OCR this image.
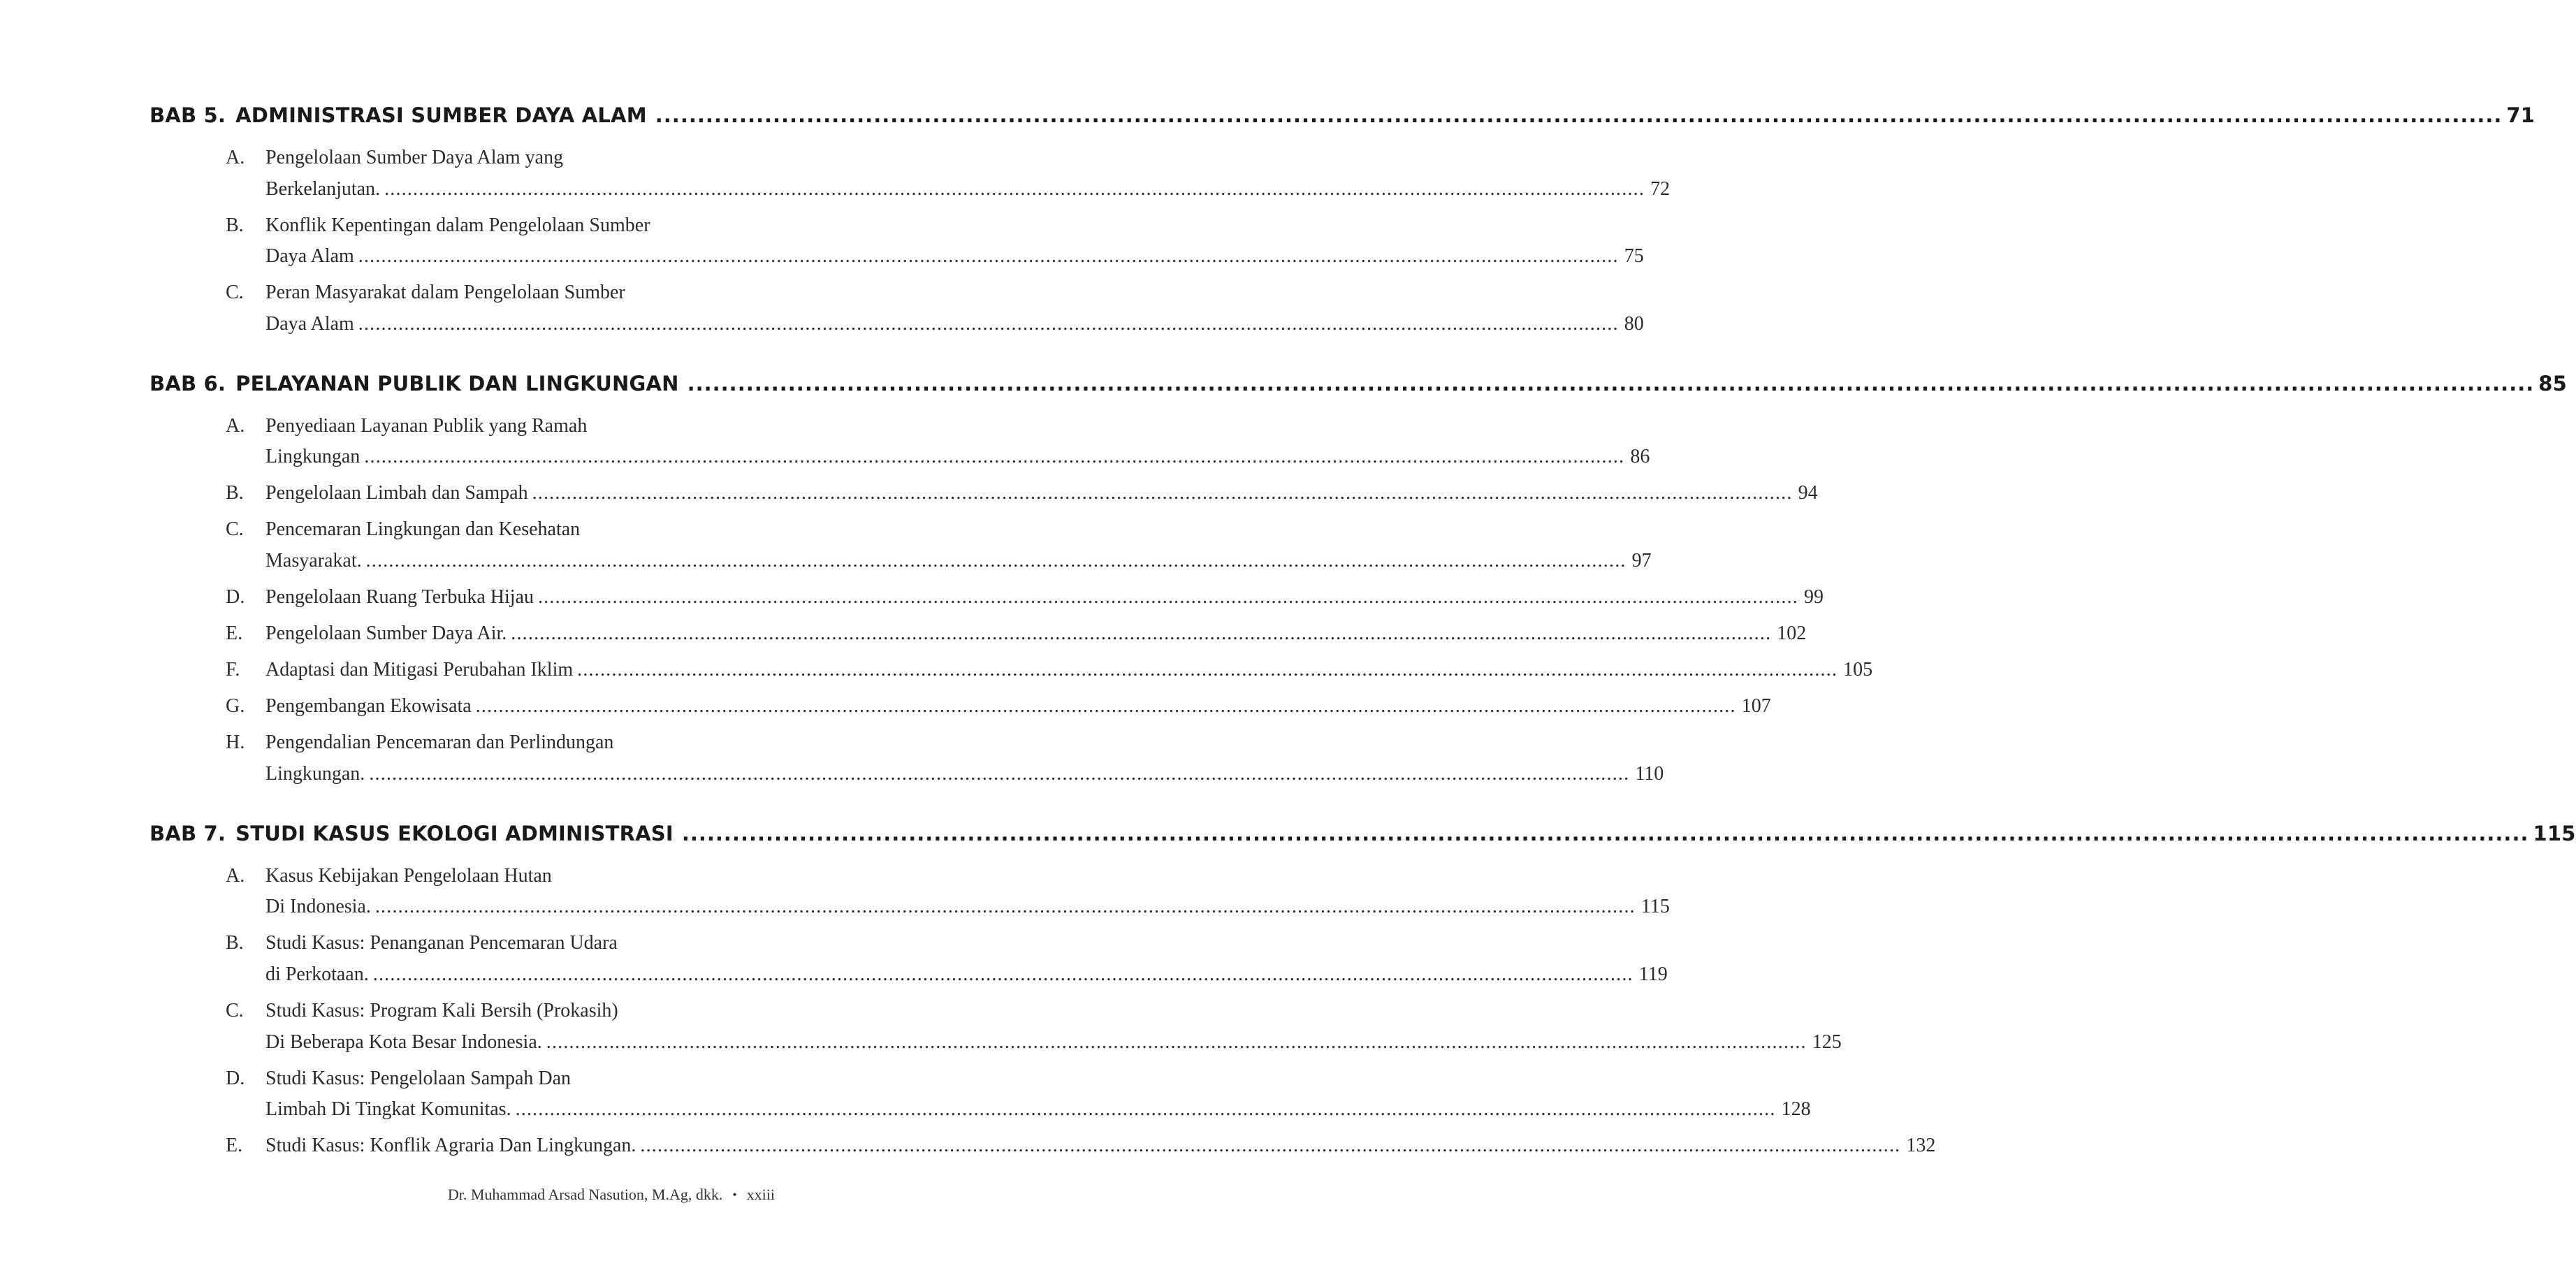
BAB 5. ADMINISTRASI SUMBER DAYA ALAM ............................................................................................................................................................................................................................ 71
A.	Pengelolaan Sumber Daya Alam yang
Berkelanjutan. ............................................................................................................................................................................................................................ 72
B.	Konflik Kepentingan dalam Pengelolaan Sumber
Daya Alam ............................................................................................................................................................................................................................ 75
C.	Peran Masyarakat dalam Pengelolaan Sumber
Daya Alam ............................................................................................................................................................................................................................ 80
BAB 6. PELAYANAN PUBLIK DAN LINGKUNGAN ............................................................................................................................................................................................................................ 85
A.	Penyediaan Layanan Publik yang Ramah
Lingkungan ............................................................................................................................................................................................................................ 86
B.	Pengelolaan Limbah dan Sampah ............................................................................................................................................................................................................................ 94
C.	Pencemaran Lingkungan dan Kesehatan
Masyarakat. ............................................................................................................................................................................................................................ 97
D.	Pengelolaan Ruang Terbuka Hijau ............................................................................................................................................................................................................................ 99
E.	Pengelolaan Sumber Daya Air. ............................................................................................................................................................................................................................ 102
F.	Adaptasi dan Mitigasi Perubahan Iklim ............................................................................................................................................................................................................................ 105
G.	Pengembangan Ekowisata ............................................................................................................................................................................................................................ 107
H.	Pengendalian Pencemaran dan Perlindungan
Lingkungan. ............................................................................................................................................................................................................................ 110
BAB 7. STUDI KASUS EKOLOGI ADMINISTRASI ............................................................................................................................................................................................................................ 115
A.	Kasus Kebijakan Pengelolaan Hutan
Di Indonesia. ............................................................................................................................................................................................................................ 115
B.	Studi Kasus: Penanganan Pencemaran Udara
di Perkotaan. ............................................................................................................................................................................................................................ 119
C.	Studi Kasus: Program Kali Bersih (Prokasih)
Di Beberapa Kota Besar Indonesia. ............................................................................................................................................................................................................................ 125
D.	Studi Kasus: Pengelolaan Sampah Dan
Limbah Di Tingkat Komunitas. ............................................................................................................................................................................................................................ 128
E.	Studi Kasus: Konflik Agraria Dan Lingkungan. ............................................................................................................................................................................................................................ 132
Dr. Muhammad Arsad Nasution, M.Ag, dkk. • xxiii
